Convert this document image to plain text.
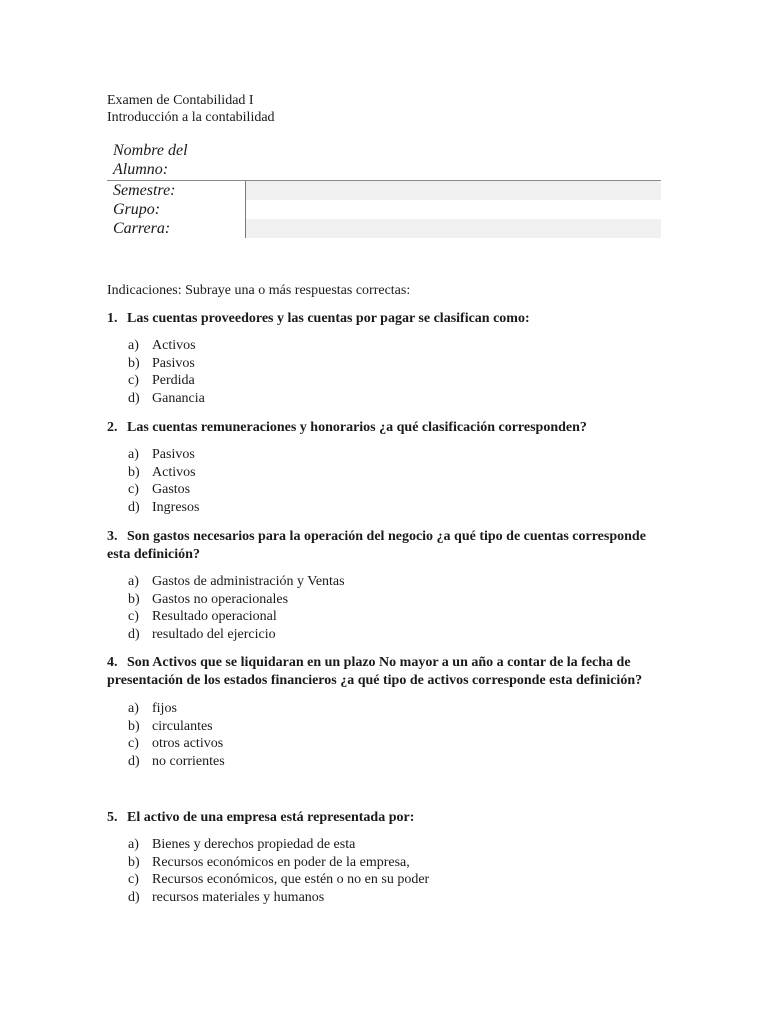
Examen de Contabilidad I
Introducción a la contabilidad
Nombre del Alumno:
Semestre:
Grupo:
Carrera:
Indicaciones: Subraye una o más respuestas correctas:
1. Las cuentas proveedores y las cuentas por pagar se clasifican como:
a) Activos
b) Pasivos
c) Perdida
d) Ganancia
2. Las cuentas remuneraciones y honorarios ¿a qué clasificación corresponden?
a) Pasivos
b) Activos
c) Gastos
d) Ingresos
3. Son gastos necesarios para la operación del negocio ¿a qué tipo de cuentas corresponde esta definición?
a) Gastos de administración y Ventas
b) Gastos no operacionales
c) Resultado operacional
d) resultado del ejercicio
4. Son Activos que se liquidaran en un plazo No mayor a un año a contar de la fecha de presentación de los estados financieros ¿a qué tipo de activos corresponde esta definición?
a) fijos
b) circulantes
c) otros activos
d) no corrientes
5. El activo de una empresa está representada por:
a) Bienes y derechos propiedad de esta
b) Recursos económicos en poder de la empresa,
c) Recursos económicos, que estén o no en su poder
d) recursos materiales y humanos
